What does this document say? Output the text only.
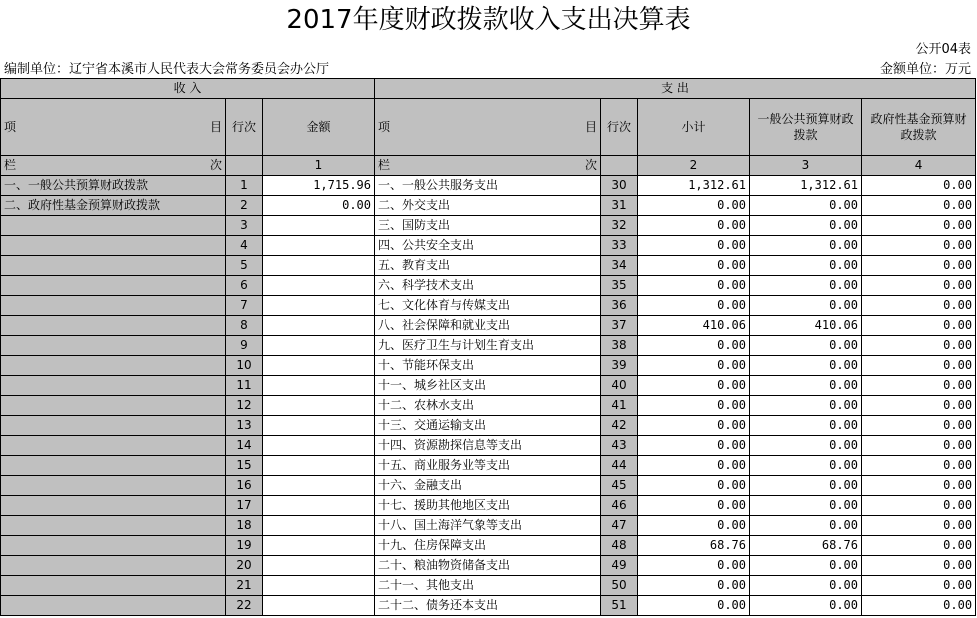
2017年度财政拨款收入支出决算表
公开04表
编制单位：辽宁省本溪市人民代表大会常务委员会办公厅	金额单位：万元
收 入			支 出				

项 目	行次	金额	项 目	行次	小计	一般公共预算财政拨款	政府性基金预算财政拨款

栏 次		1	栏 次		2	3	4
一、一般公共预算财政拨款	1	1,715.96	一、一般公共服务支出	30	1,312.61	1,312.61	0.00
二、政府性基金预算财政拨款	2	0.00	二、外交支出	31	0.00	0.00	0.00
	3		三、国防支出	32	0.00	0.00	0.00
	4		四、公共安全支出	33	0.00	0.00	0.00
	5		五、教育支出	34	0.00	0.00	0.00
	6		六、科学技术支出	35	0.00	0.00	0.00
	7		七、文化体育与传媒支出	36	0.00	0.00	0.00
	8		八、社会保障和就业支出	37	410.06	410.06	0.00
	9		九、医疗卫生与计划生育支出	38	0.00	0.00	0.00
	10		十、节能环保支出	39	0.00	0.00	0.00
	11		十一、城乡社区支出	40	0.00	0.00	0.00
	12		十二、农林水支出	41	0.00	0.00	0.00
	13		十三、交通运输支出	42	0.00	0.00	0.00
	14		十四、资源勘探信息等支出	43	0.00	0.00	0.00
	15		十五、商业服务业等支出	44	0.00	0.00	0.00
	16		十六、金融支出	45	0.00	0.00	0.00
	17		十七、援助其他地区支出	46	0.00	0.00	0.00
	18		十八、国土海洋气象等支出	47	0.00	0.00	0.00
	19		十九、住房保障支出	48	68.76	68.76	0.00
	20		二十、粮油物资储备支出	49	0.00	0.00	0.00
	21		二十一、其他支出	50	0.00	0.00	0.00
	22		二十二、债务还本支出	51	0.00	0.00	0.00
